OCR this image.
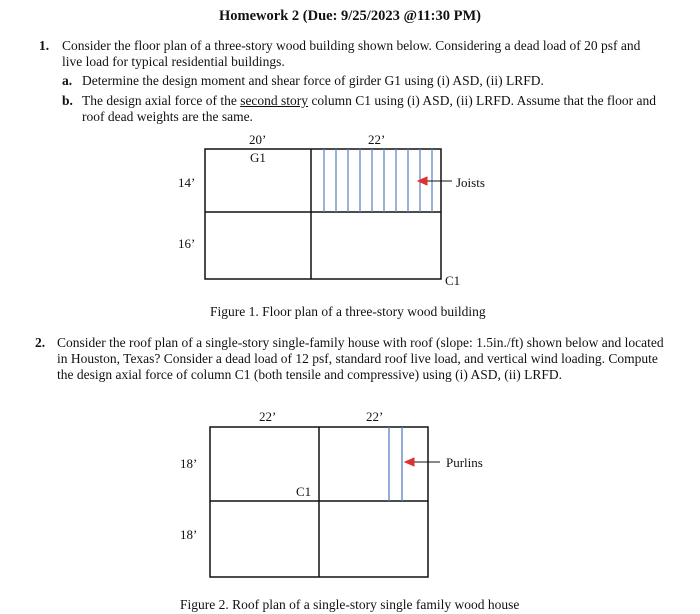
Homework 2 (Due: 9/25/2023 @11:30 PM)
1. Consider the floor plan of a three-story wood building shown below. Considering a dead load of 20 psf and live load for typical residential buildings.
a. Determine the design moment and shear force of girder G1 using (i) ASD, (ii) LRFD.
b. The design axial force of the second story column C1 using (i) ASD, (ii) LRFD. Assume that the floor and roof dead weights are the same.
20’	22’
G1
14’
16’
Joists
C1
Figure 1. Floor plan of a three-story wood building
2. Consider the roof plan of a single-story single-family house with roof (slope: 1.5in./ft) shown below and located in Houston, Texas? Consider a dead load of 12 psf, standard roof live load, and vertical wind loading. Compute the design axial force of column C1 (both tensile and compressive) using (i) ASD, (ii) LRFD.
22’	22’
18’
18’
Purlins
C1
Figure 2. Roof plan of a single-story single family wood house
